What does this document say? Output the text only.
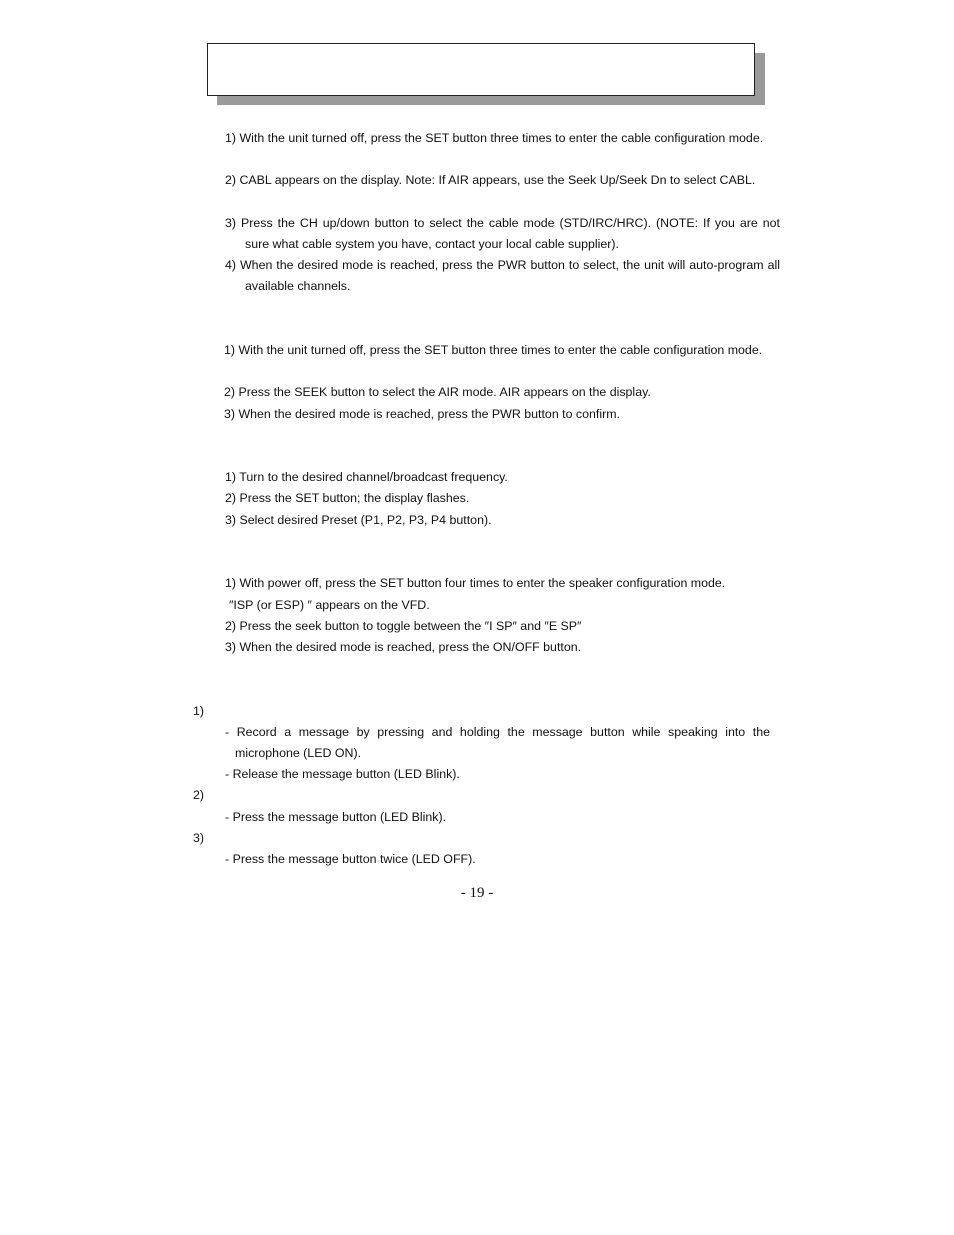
1) With the unit turned off, press the SET button three times to enter the cable configuration mode.
2) CABL appears on the display. Note: If AIR appears, use the Seek Up/Seek Dn to select CABL.
3) Press the CH up/down button to select the cable mode (STD/IRC/HRC). (NOTE: If you are not sure what cable system you have, contact your local cable supplier).
4) When the desired mode is reached, press the PWR button to select, the unit will auto-program all available channels.
1) With the unit turned off, press the SET button three times to enter the cable configuration mode.
2) Press the SEEK button to select the AIR mode. AIR appears on the display.
3) When the desired mode is reached, press the PWR button to confirm.
1) Turn to the desired channel/broadcast frequency.
2) Press the SET button; the display flashes.
3) Select desired Preset (P1, P2, P3, P4 button).
1) With power off, press the SET button four times to enter the speaker configuration mode.
″ISP (or ESP) ″ appears on the VFD.
2) Press the seek button to toggle between the ″I SP″ and ″E SP″
3) When the desired mode is reached, press the ON/OFF button.
1)
- Record a message by pressing and holding the message button while speaking into the microphone (LED ON).
- Release the message button (LED Blink).
2)
- Press the message button (LED Blink).
3)
- Press the message button twice (LED OFF).
- 19 -
